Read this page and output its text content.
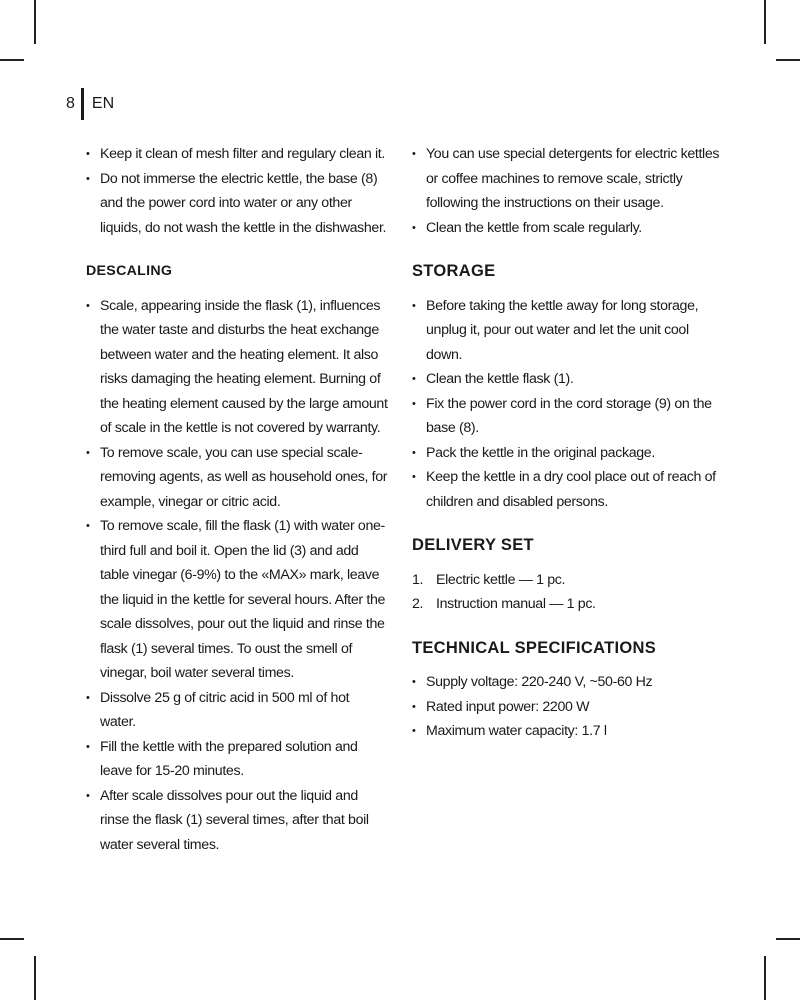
8 EN
• Keep it clean of mesh filter and regulary clean it.
• Do not immerse the electric kettle, the base (8) and the power cord into water or any other liquids, do not wash the kettle in the dishwasher.
DESCALING
• Scale, appearing inside the flask (1), influences the water taste and disturbs the heat exchange between water and the heating element. It also risks damaging the heating element. Burning of the heating element caused by the large amount of scale in the kettle is not covered by warranty.
• To remove scale, you can use special scale-removing agents, as well as household ones, for example, vinegar or citric acid.
• To remove scale, fill the flask (1) with water one-third full and boil it. Open the lid (3) and add table vinegar (6-9%) to the «MAX» mark, leave the liquid in the kettle for several hours. After the scale dissolves, pour out the liquid and rinse the flask (1) several times. To oust the smell of vinegar, boil water several times.
• Dissolve 25 g of citric acid in 500 ml of hot water.
• Fill the kettle with the prepared solution and leave for 15-20 minutes.
• After scale dissolves pour out the liquid and rinse the flask (1) several times, after that boil water several times.
• You can use special detergents for electric kettles or coffee machines to remove scale, strictly following the instructions on their usage.
• Clean the kettle from scale regularly.
STORAGE
• Before taking the kettle away for long storage, unplug it, pour out water and let the unit cool down.
• Clean the kettle flask (1).
• Fix the power cord in the cord storage (9) on the base (8).
• Pack the kettle in the original package.
• Keep the kettle in a dry cool place out of reach of children and disabled persons.
DELIVERY SET
1. Electric kettle — 1 pc.
2. Instruction manual — 1 pc.
TECHNICAL SPECIFICATIONS
• Supply voltage: 220-240 V, ~50-60 Hz
• Rated input power: 2200 W
• Maximum water capacity: 1.7 l
